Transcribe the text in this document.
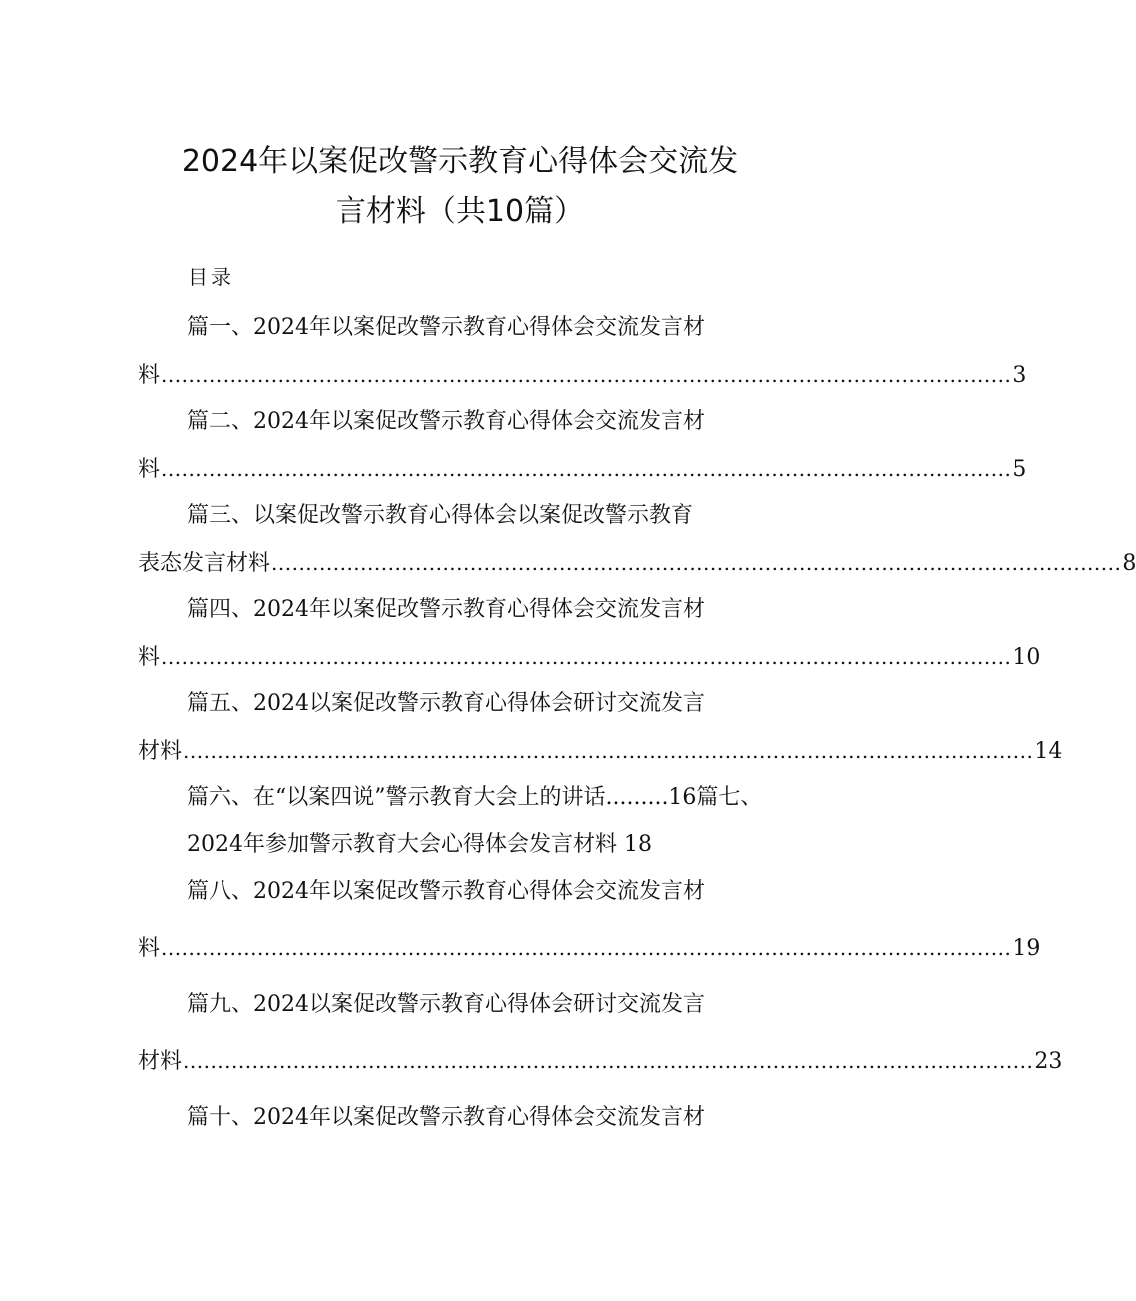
2024年以案促改警示教育心得体会交流发
言材料（共10篇）
目录
篇一、2024年以案促改警示教育心得体会交流发言材
料 ............................................................................................................................ 3
篇二、2024年以案促改警示教育心得体会交流发言材
料 ............................................................................................................................ 5
篇三、以案促改警示教育心得体会以案促改警示教育
表态发言材料 ............................................................................................................................ 8
篇四、2024年以案促改警示教育心得体会交流发言材
料 ............................................................................................................................ 10
篇五、2024以案促改警示教育心得体会研讨交流发言
材料 ............................................................................................................................ 14
篇六、在“以案四说”警示教育大会上的讲话.........16篇七、
2024年参加警示教育大会心得体会发言材料 18
篇八、2024年以案促改警示教育心得体会交流发言材
料 ............................................................................................................................ 19
篇九、2024以案促改警示教育心得体会研讨交流发言
材料 ............................................................................................................................ 23
篇十、2024年以案促改警示教育心得体会交流发言材
